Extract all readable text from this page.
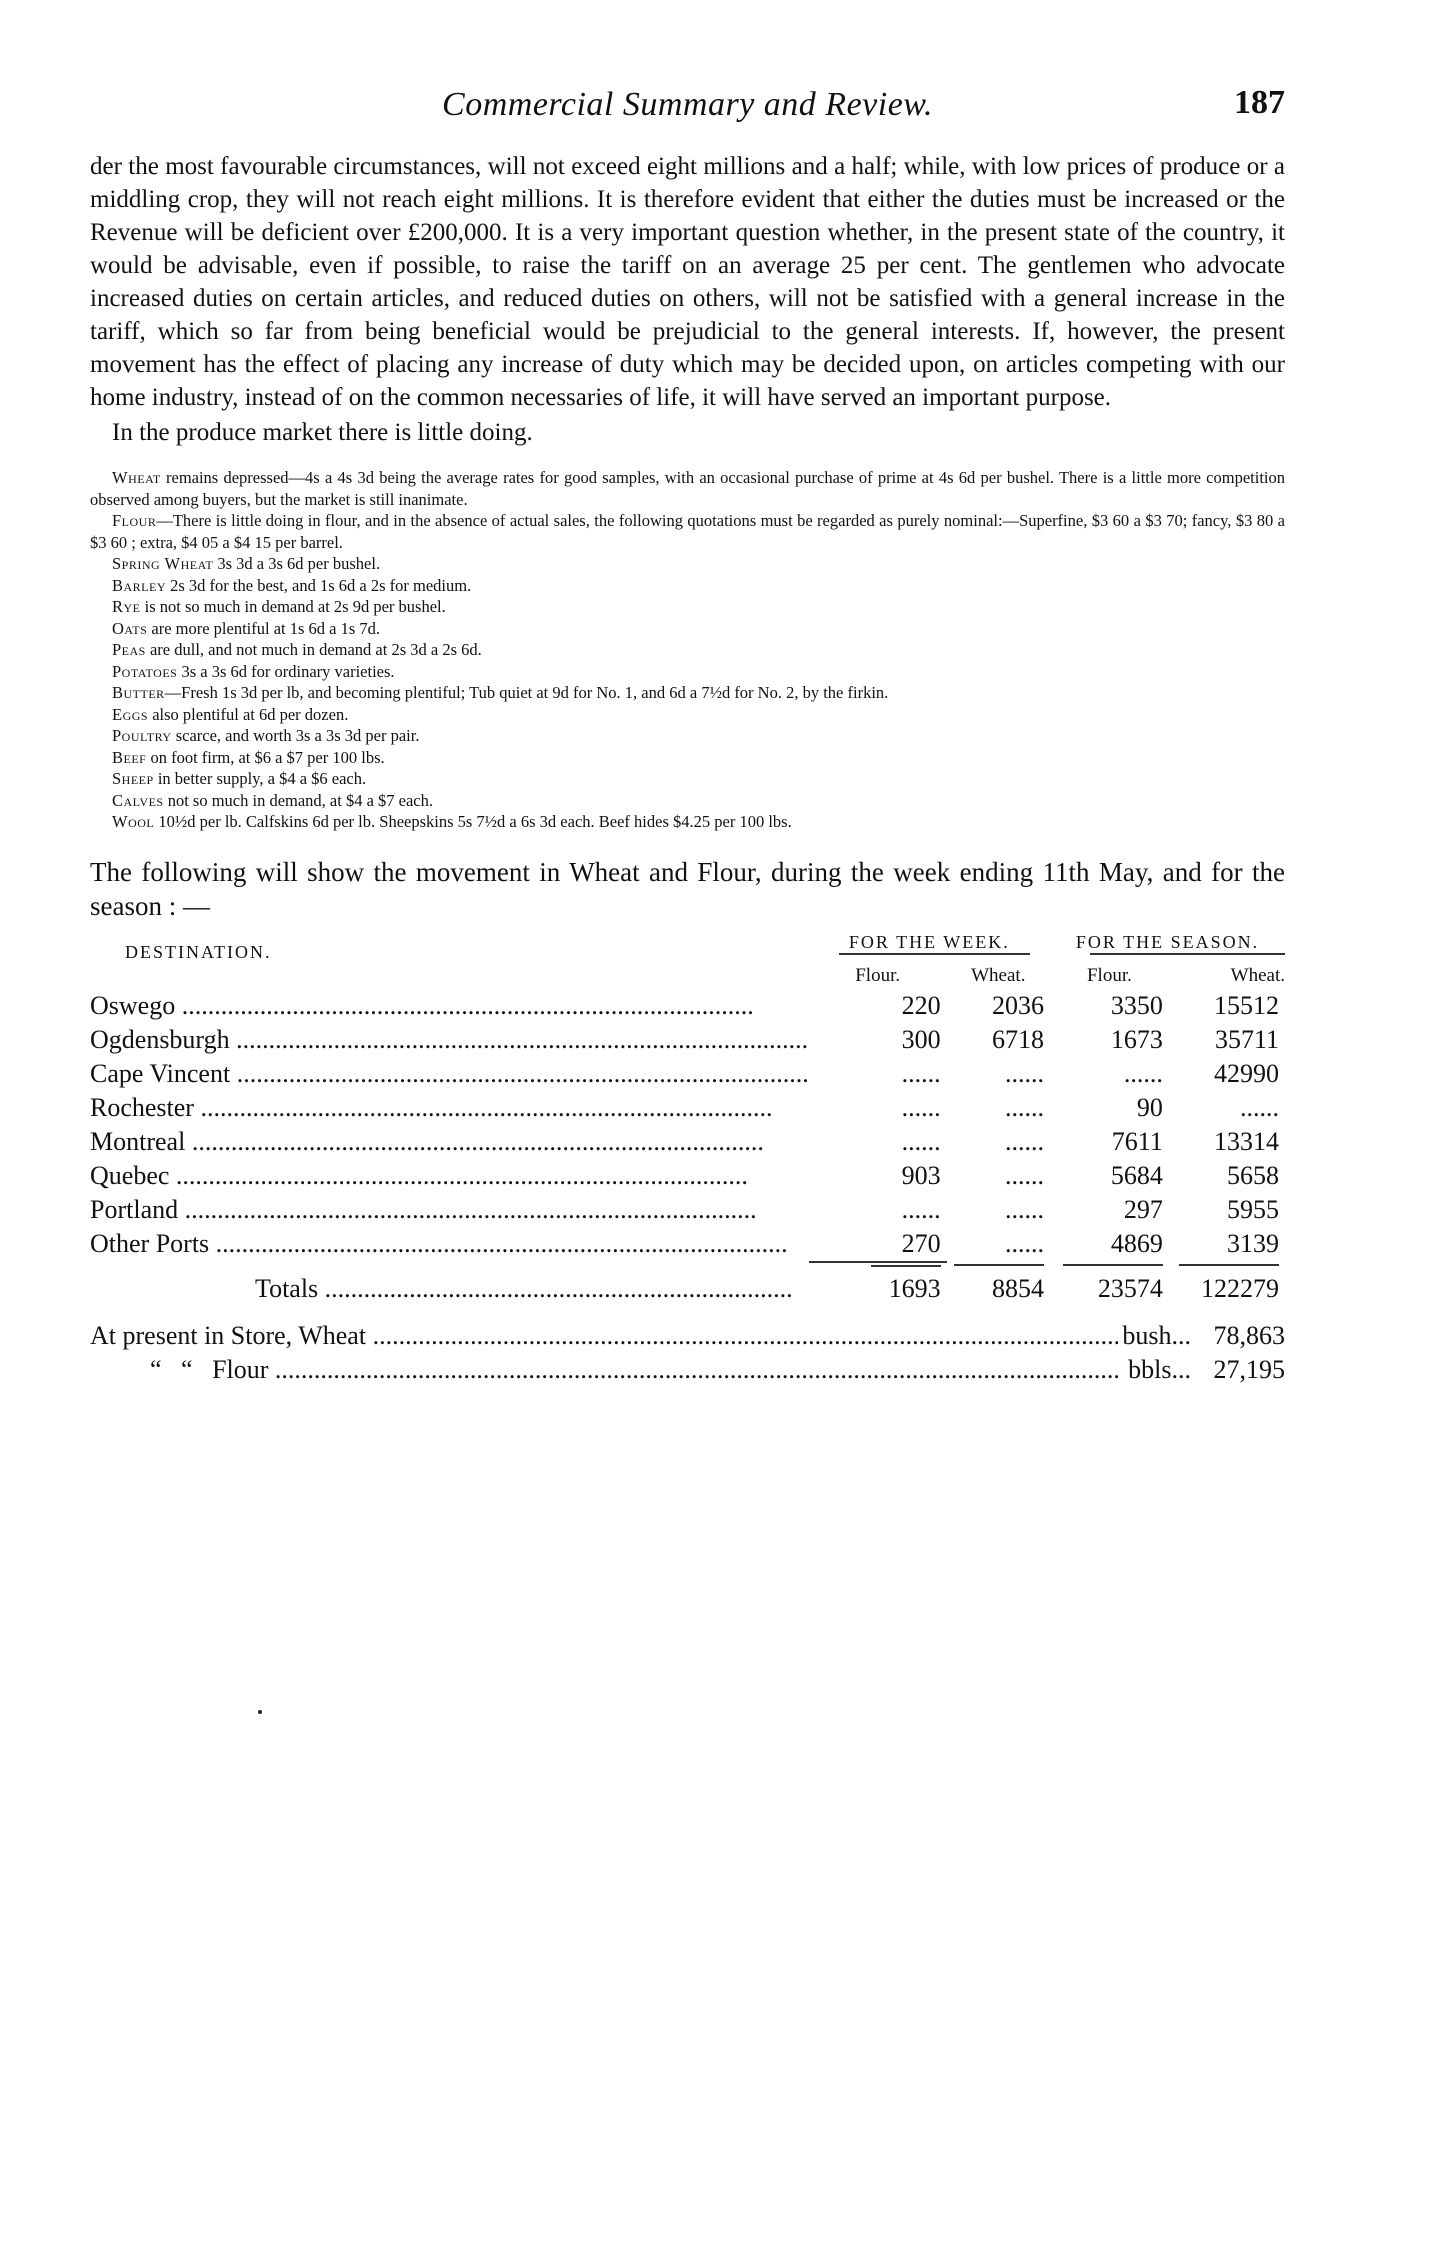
Commercial Summary and Review.	187

der the most favourable circumstances, will not exceed eight millions and a half; while, with low prices of produce or a middling crop, they will not reach eight millions. It is therefore evident that either the duties must be increased or the Revenue will be deficient over £200,000. It is a very important question whether, in the present state of the country, it would be advisable, even if possible, to raise the tariff on an average 25 per cent. The gentlemen who advocate increased duties on certain articles, and reduced duties on others, will not be satisfied with a general increase in the tariff, which so far from being beneficial would be prejudicial to the general interests. If, however, the present movement has the effect of placing any increase of duty which may be decided upon, on articles competing with our home industry, instead of on the common necessaries of life, it will have served an important purpose.

In the produce market there is little doing.

Wheat remains depressed—4s a 4s 3d being the average rates for good samples, with an occasional purchase of prime at 4s 6d per bushel. There is a little more competition observed among buyers, but the market is still inanimate.

Flour—There is little doing in flour, and in the absence of actual sales, the following quotations must be regarded as purely nominal:—Superfine, $3 60 a $3 70; fancy, $3 80 a $3 60 ; extra, $4 05 a $4 15 per barrel.

Spring Wheat 3s 3d a 3s 6d per bushel.

Barley 2s 3d for the best, and 1s 6d a 2s for medium.

Rye is not so much in demand at 2s 9d per bushel.

Oats are more plentiful at 1s 6d a 1s 7d.

Peas are dull, and not much in demand at 2s 3d a 2s 6d.

Potatoes 3s a 3s 6d for ordinary varieties.

Butter—Fresh 1s 3d per lb, and becoming plentiful; Tub quiet at 9d for No. 1, and 6d a 7½d for No. 2, by the firkin.

Eggs also plentiful at 6d per dozen.

Poultry scarce, and worth 3s a 3s 3d per pair.

Beef on foot firm, at $6 a $7 per 100 lbs.

Sheep in better supply, a $4 a $6 each.

Calves not so much in demand, at $4 a $7 each.

Wool 10½d per lb. Calfskins 6d per lb. Sheepskins 5s 7½d a 6s 3d each. Beef hides $4.25 per 100 lbs.

The following will show the movement in Wheat and Flour, during the week ending 11th May, and for the season : —
DESTINATION.	FOR THE WEEK.		FOR THE SEASON.	

	Flour.	Wheat.	Flour.	Wheat.
Oswego .....	220	2036	3350	15512
Ogdensburgh .....	300	6718	1673	35711
Cape Vincent .....	......	......	......	42990
Rochester .....	......	......	90	......
Montreal .....	......	......	7611	13314
Quebec .....	903	......	5684	5658
Portland .....	......	......	297	5955
Other Ports .....	270	......	4869	3139

Totals .....	1693	8854	23574	122279
At present in Store, Wheat .....	bush... 78,863
“   “   Flour .....	bbls... 27,195
